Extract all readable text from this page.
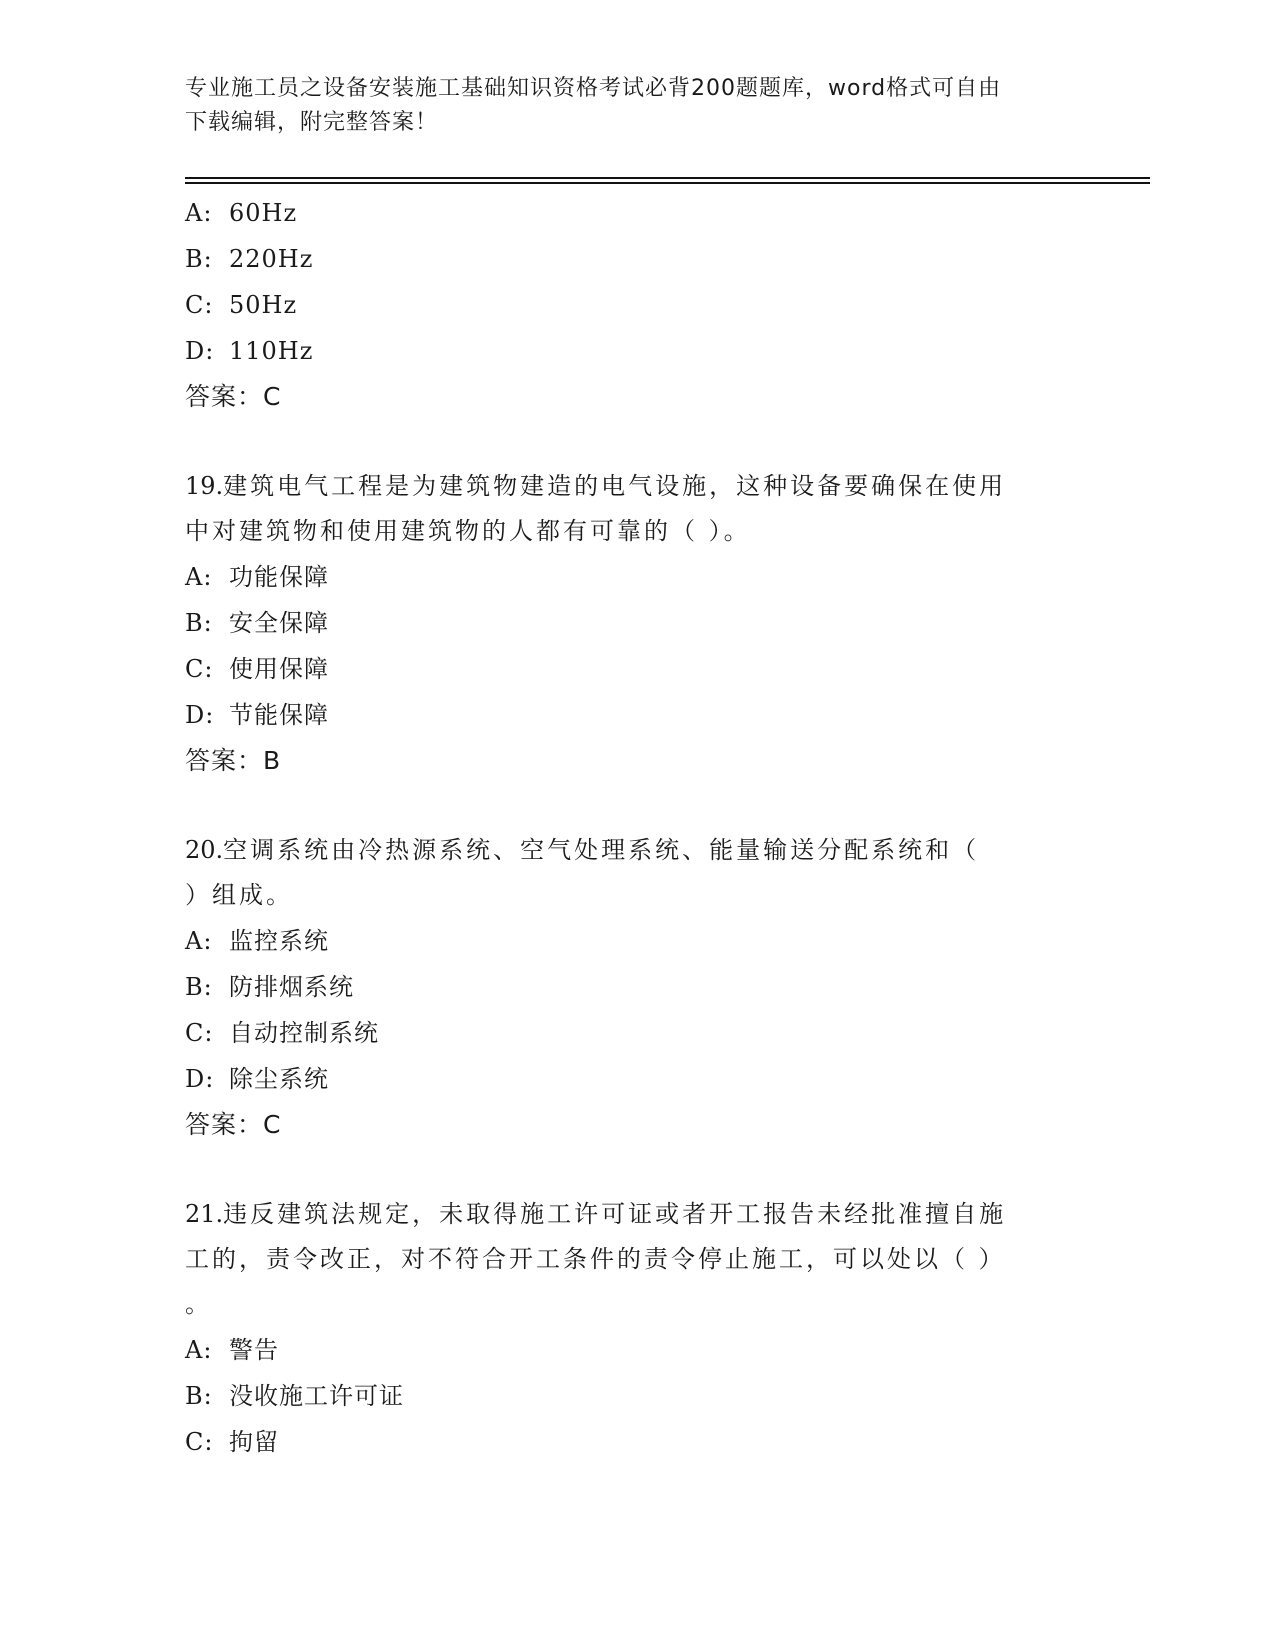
专业施工员之设备安装施工基础知识资格考试必背200题题库，word格式可自由
下载编辑，附完整答案！
A: 60Hz
B: 220Hz
C: 50Hz
D: 110Hz
答案：C
19.建筑电气工程是为建筑物建造的电气设施，这种设备要确保在使用
中对建筑物和使用建筑物的人都有可靠的（ ）。
A: 功能保障
B: 安全保障
C: 使用保障
D: 节能保障
答案：B
20.空调系统由冷热源系统、空气处理系统、能量输送分配系统和（
）组成。
A: 监控系统
B: 防排烟系统
C: 自动控制系统
D: 除尘系统
答案：C
21.违反建筑法规定，未取得施工许可证或者开工报告未经批准擅自施
工的，责令改正，对不符合开工条件的责令停止施工，可以处以（ ）
。
A: 警告
B: 没收施工许可证
C: 拘留
